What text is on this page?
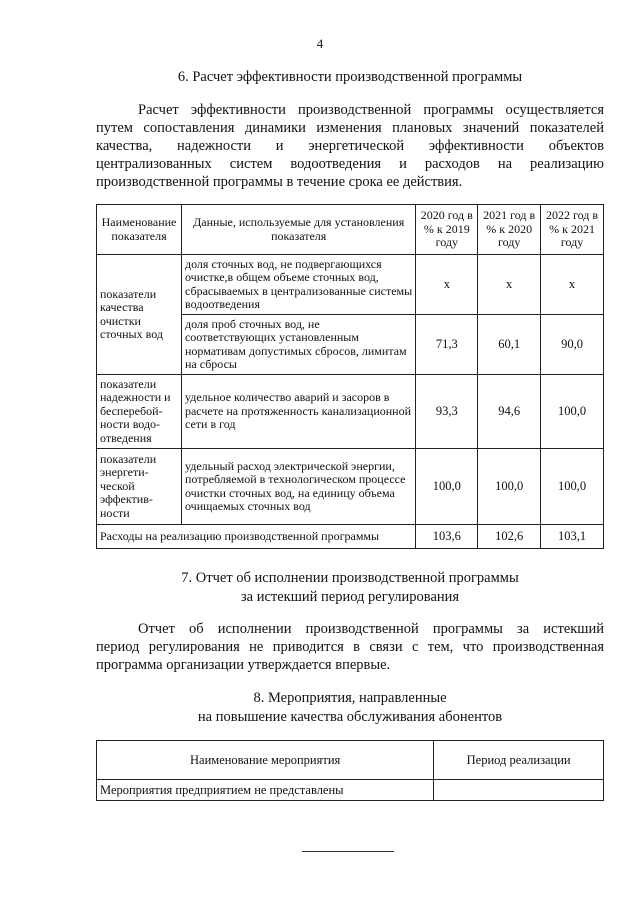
4
6. Расчет эффективности производственной программы
Расчет эффективности производственной программы осуществляется
путем сопоставления динамики изменения плановых значений показателей
качества, надежности и энергетической эффективности объектов
централизованных систем водоотведения и расходов на реализацию
производственной программы в течение срока ее действия.
Наименование показателя	Данные, используемые для установления показателя	2020 год в % к 2019 году	2021 год в % к 2020 году	2022 год в % к 2021 году
показатели качества очистки сточных вод	доля сточных вод, не подвергающихся очистке,в общем объеме сточных вод, сбрасываемых в централизованные системы водоотведения	x	x	x
	доля проб сточных вод, не соответствующих установленным нормативам допустимых сбросов, лимитам на сбросы	71,3	60,1	90,0
показатели надежности и бесперебой-ности водо-отведения	удельное количество аварий и засоров в расчете на протяженность канализационной сети в год	93,3	94,6	100,0
показатели энергети-ческой эффектив-ности	удельный расход электрической энергии, потребляемой в технологическом процессе очистки сточных вод, на единицу объема очищаемых сточных вод	100,0	100,0	100,0
Расходы на реализацию производственной программы		103,6	102,6	103,1
7. Отчет об исполнении производственной программы
за истекший период регулирования
Отчет об исполнении производственной программы за истекший
период регулирования не приводится в связи с тем, что производственная
программа организации утверждается впервые.
8. Мероприятия, направленные
на повышение качества обслуживания абонентов
Наименование мероприятия	Период реализации
Мероприятия предприятием не представлены	
